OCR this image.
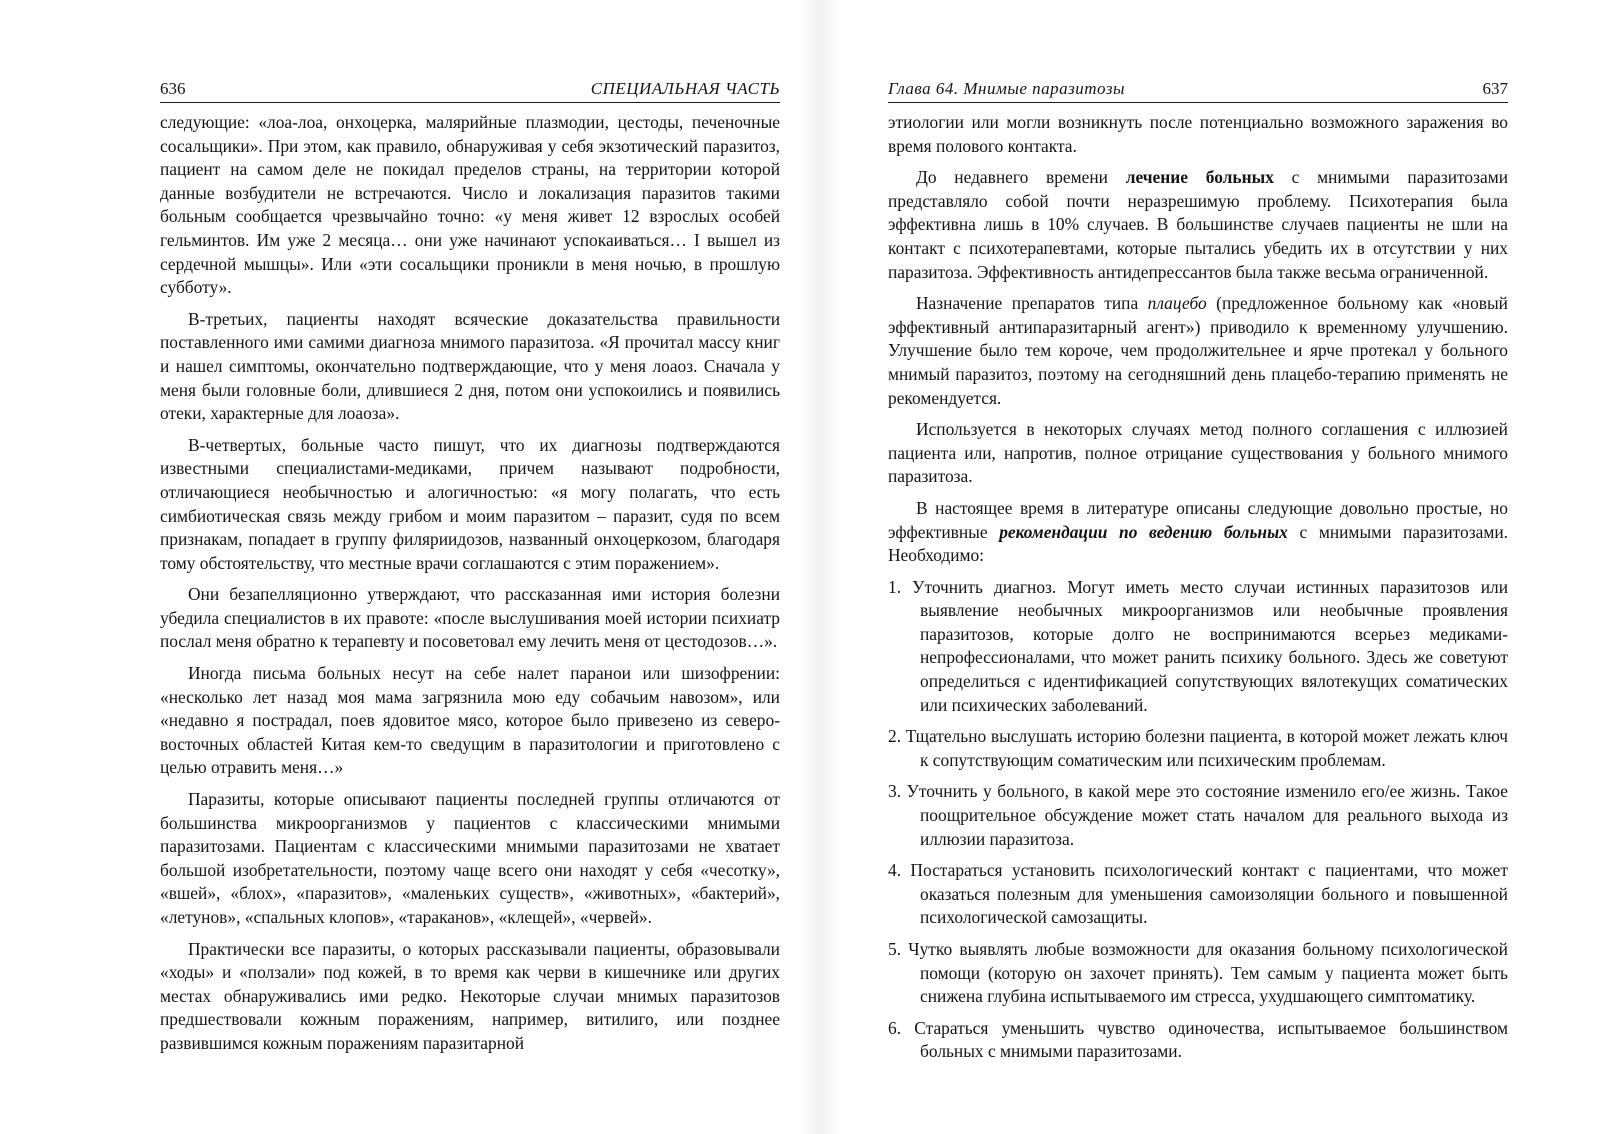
636	СПЕЦИАЛЬНАЯ ЧАСТЬ

следующие: «лоа-лоа, онхоцерка, малярийные плазмодии, цестоды, печеночные сосальщики». При этом, как правило, обнаруживая у себя экзотический паразитоз, пациент на самом деле не покидал пределов страны, на территории которой данные возбудители не встречаются. Число и локализация паразитов такими больным сообщается чрезвычайно точно: «у меня живет 12 взрослых особей гельминтов. Им уже 2 месяца… они уже начинают успокаиваться… I вышел из сердечной мышцы». Или «эти сосальщики проникли в меня ночью, в прошлую субботу».

В-третьих, пациенты находят всяческие доказательства правильности поставленного ими самими диагноза мнимого паразитоза. «Я прочитал массу книг и нашел симптомы, окончательно подтверждающие, что у меня лоаоз. Сначала у меня были головные боли, длившиеся 2 дня, потом они успокоились и появились отеки, характерные для лоаоза».

В-четвертых, больные часто пишут, что их диагнозы подтверждаются известными специалистами-медиками, причем называют подробности, отличающиеся необычностью и алогичностью: «я могу полагать, что есть симбиотическая связь между грибом и моим паразитом – паразит, судя по всем признакам, попадает в группу филяриидозов, названный онхоцеркозом, благодаря тому обстоятельству, что местные врачи соглашаются с этим поражением».

Они безапелляционно утверждают, что рассказанная ими история болезни убедила специалистов в их правоте: «после выслушивания моей истории психиатр послал меня обратно к терапевту и посоветовал ему лечить меня от цестодозов…».

Иногда письма больных несут на себе налет паранои или шизофрении: «несколько лет назад моя мама загрязнила мою еду собачьим навозом», или «недавно я пострадал, поев ядовитое мясо, которое было привезено из северо-восточных областей Китая кем-то сведущим в паразитологии и приготовлено с целью отравить меня…»

Паразиты, которые описывают пациенты последней группы отличаются от большинства микроорганизмов у пациентов с классическими мнимыми паразитозами. Пациентам с классическими мнимыми паразитозами не хватает большой изобретательности, поэтому чаще всего они находят у себя «чесотку», «вшей», «блох», «паразитов», «маленьких существ», «животных», «бактерий», «летунов», «спальных клопов», «тараканов», «клещей», «червей».

Практически все паразиты, о которых рассказывали пациенты, образовывали «ходы» и «ползали» под кожей, в то время как черви в кишечнике или других местах обнаруживались ими редко. Некоторые случаи мнимых паразитозов предшествовали кожным поражениям, например, витилиго, или позднее развившимся кожным поражениям паразитарной

Глава 64. Мнимые паразитозы	637

этиологии или могли возникнуть после потенциально возможного заражения во время полового контакта.

До недавнего времени лечение больных с мнимыми паразитозами представляло собой почти неразрешимую проблему. Психотерапия была эффективна лишь в 10% случаев. В большинстве случаев пациенты не шли на контакт с психотерапевтами, которые пытались убедить их в отсутствии у них паразитоза. Эффективность антидепрессантов была также весьма ограниченной.

Назначение препаратов типа плацебо (предложенное больному как «новый эффективный антипаразитарный агент») приводило к временному улучшению. Улучшение было тем короче, чем продолжительнее и ярче протекал у больного мнимый паразитоз, поэтому на сегодняшний день плацебо-терапию применять не рекомендуется.

Используется в некоторых случаях метод полного соглашения с иллюзией пациента или, напротив, полное отрицание существования у больного мнимого паразитоза.

В настоящее время в литературе описаны следующие довольно простые, но эффективные рекомендации по ведению больных с мнимыми паразитозами. Необходимо:

1. Уточнить диагноз. Могут иметь место случаи истинных паразитозов или выявление необычных микроорганизмов или необычные проявления паразитозов, которые долго не воспринимаются всерьез медиками-непрофессионалами, что может ранить психику больного. Здесь же советуют определиться с идентификацией сопутствующих вялотекущих соматических или психических заболеваний.
2. Тщательно выслушать историю болезни пациента, в которой может лежать ключ к сопутствующим соматическим или психическим проблемам.
3. Уточнить у больного, в какой мере это состояние изменило его/ее жизнь. Такое поощрительное обсуждение может стать началом для реального выхода из иллюзии паразитоза.
4. Постараться установить психологический контакт с пациентами, что может оказаться полезным для уменьшения самоизоляции больного и повышенной психологической самозащиты.
5. Чутко выявлять любые возможности для оказания больному психологической помощи (которую он захочет принять). Тем самым у пациента может быть снижена глубина испытываемого им стресса, ухудшающего симптоматику.
6. Стараться уменьшить чувство одиночества, испытываемое большинством больных с мнимыми паразитозами.
